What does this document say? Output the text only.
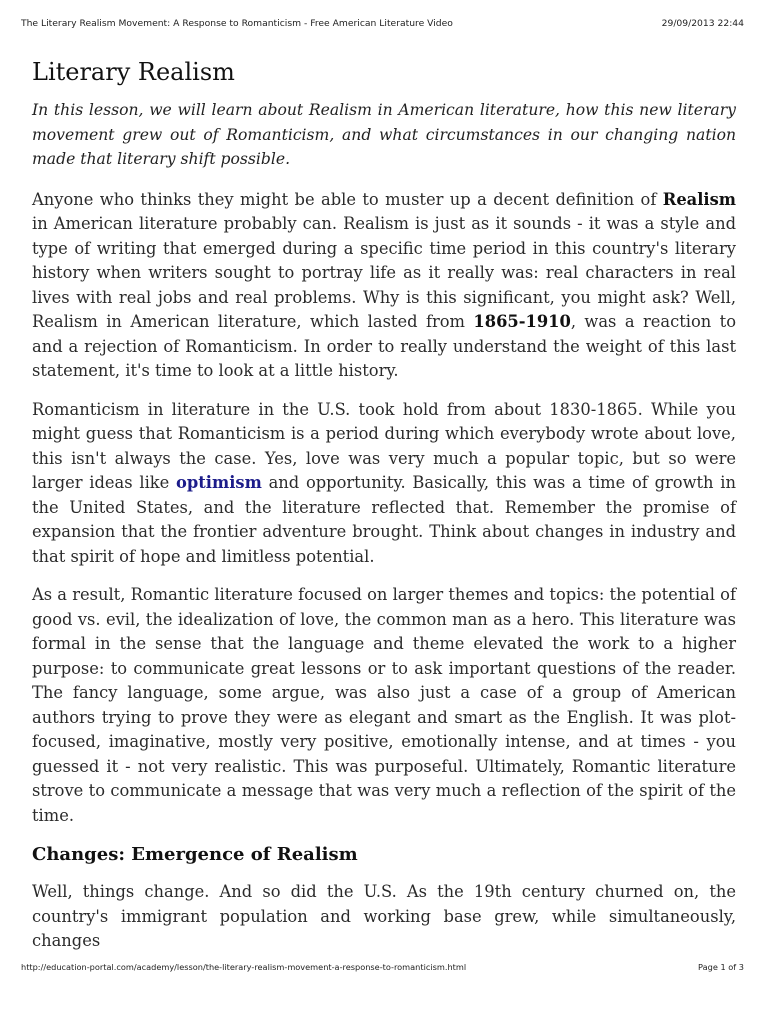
The Literary Realism Movement: A Response to Romanticism - Free American Literature Video	29/09/2013 22:44
Literary Realism

In this lesson, we will learn about Realism in American literature, how this new literary movement grew out of Romanticism, and what circumstances in our changing nation made that literary shift possible.

Anyone who thinks they might be able to muster up a decent definition of Realism in American literature probably can. Realism is just as it sounds - it was a style and type of writing that emerged during a specific time period in this country's literary history when writers sought to portray life as it really was: real characters in real lives with real jobs and real problems. Why is this significant, you might ask? Well, Realism in American literature, which lasted from 1865-1910, was a reaction to and a rejection of Romanticism. In order to really understand the weight of this last statement, it's time to look at a little history.

Romanticism in literature in the U.S. took hold from about 1830-1865. While you might guess that Romanticism is a period during which everybody wrote about love, this isn't always the case. Yes, love was very much a popular topic, but so were larger ideas like optimism and opportunity. Basically, this was a time of growth in the United States, and the literature reflected that. Remember the promise of expansion that the frontier adventure brought. Think about changes in industry and that spirit of hope and limitless potential.

As a result, Romantic literature focused on larger themes and topics: the potential of good vs. evil, the idealization of love, the common man as a hero. This literature was formal in the sense that the language and theme elevated the work to a higher purpose: to communicate great lessons or to ask important questions of the reader. The fancy language, some argue, was also just a case of a group of American authors trying to prove they were as elegant and smart as the English. It was plot-focused, imaginative, mostly very positive, emotionally intense, and at times - you guessed it - not very realistic. This was purposeful. Ultimately, Romantic literature strove to communicate a message that was very much a reflection of the spirit of the time.

Changes: Emergence of Realism

Well, things change. And so did the U.S. As the 19th century churned on, the country's immigrant population and working base grew, while simultaneously, changes

http://education-portal.com/academy/lesson/the-literary-realism-movement-a-response-to-romanticism.html	Page 1 of 3
